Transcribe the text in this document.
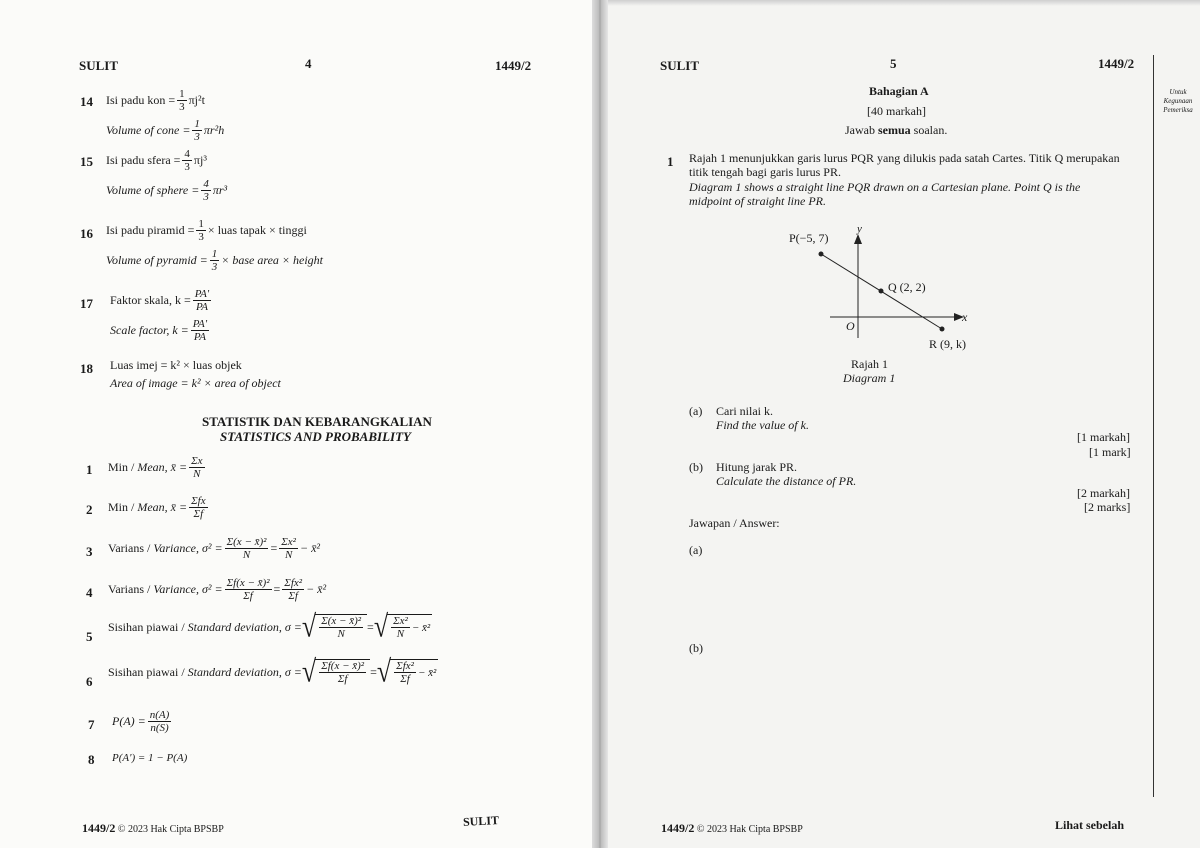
SULIT	4	1449/2
14 Isi padu kon = $\frac{1}{3} \pi j^2t$
Volume of cone = $\frac{1}{3} \pi r^2h$
15 Isi padu sfera = $\frac{4}{3} \pi j^3$
Volume of sphere = $\frac{4}{3} \pi r^3$
16 Isi padu piramid = $\frac{1}{3}$ × luas tapak × tinggi
Volume of pyramid = $\frac{1}{3}$ × base area × height
17 Faktor skala, $k = \frac{PA'}{PA}$
Scale factor, $k = \frac{PA'}{PA}$
18 Luas imej = k² × luas objek
Area of image = k² × area of object
STATISTIK DAN KEBARANGKALIAN
STATISTICS AND PROBABILITY
1 Min /
Mean,
x̄ = $\frac{\Sigma x}{N}$
2 Min /
Mean,
x̄ = $\frac{\text{Σfx}}{\Sigma f}$
3 Varians /
Variance,
$\sigma^2 = \frac{\text{Σ(x − x̄)²}}{N} = \frac{\text{Σx²}}{N}$ − x̄²
4 Varians /
Variance,
$\sigma^2 = \frac{\text{Σf(x − x̄)²}}{\Sigma f} = \frac{\text{Σfx²}}{\Sigma f}$ − x̄²
5
Sisihan piawai /
Standard deviation,
σ = √ $\frac{\text{Σ(x − x̄)²}}{N}$ = √ $\frac{\text{Σx²}}{N}$ − x̄²
6
Sisihan piawai /
Standard deviation,
σ = √ $\frac{\text{Σf(x − x̄)²}}{\Sigma f}$ = √ $\frac{\text{Σfx²}}{\Sigma f}$ − x̄²
7 $P(A) = \frac{n(A)}{n(S)}$
8 P(A') = 1 − P(A)
1449/2 © 2023 Hak Cipta BPSBP
SULIT
SULIT	5	1449/2
Untuk Kegunaan Pemeriksa
Bahagian A
[40 markah]
Jawab semua soalan.
1 Rajah 1 menunjukkan garis lurus PQR yang dilukis pada satah Cartes. Titik Q merupakan
titik tengah bagi garis lurus PR.
Diagram 1 shows a straight line PQR drawn on a Cartesian plane. Point Q is the
midpoint of straight line PR.
P(−5, 7)
y
Q (2, 2)
O
x
R (9, k)
Rajah 1
Diagram 1
(a) Cari nilai k.
Find the value of k.
[1 markah]
[1 mark]
(b) Hitung jarak PR.
Calculate the distance of PR.
[2 markah]
[2 marks]
Jawapan / Answer:
(a)
(b)
1449/2 © 2023 Hak Cipta BPSBP	Lihat sebelah
